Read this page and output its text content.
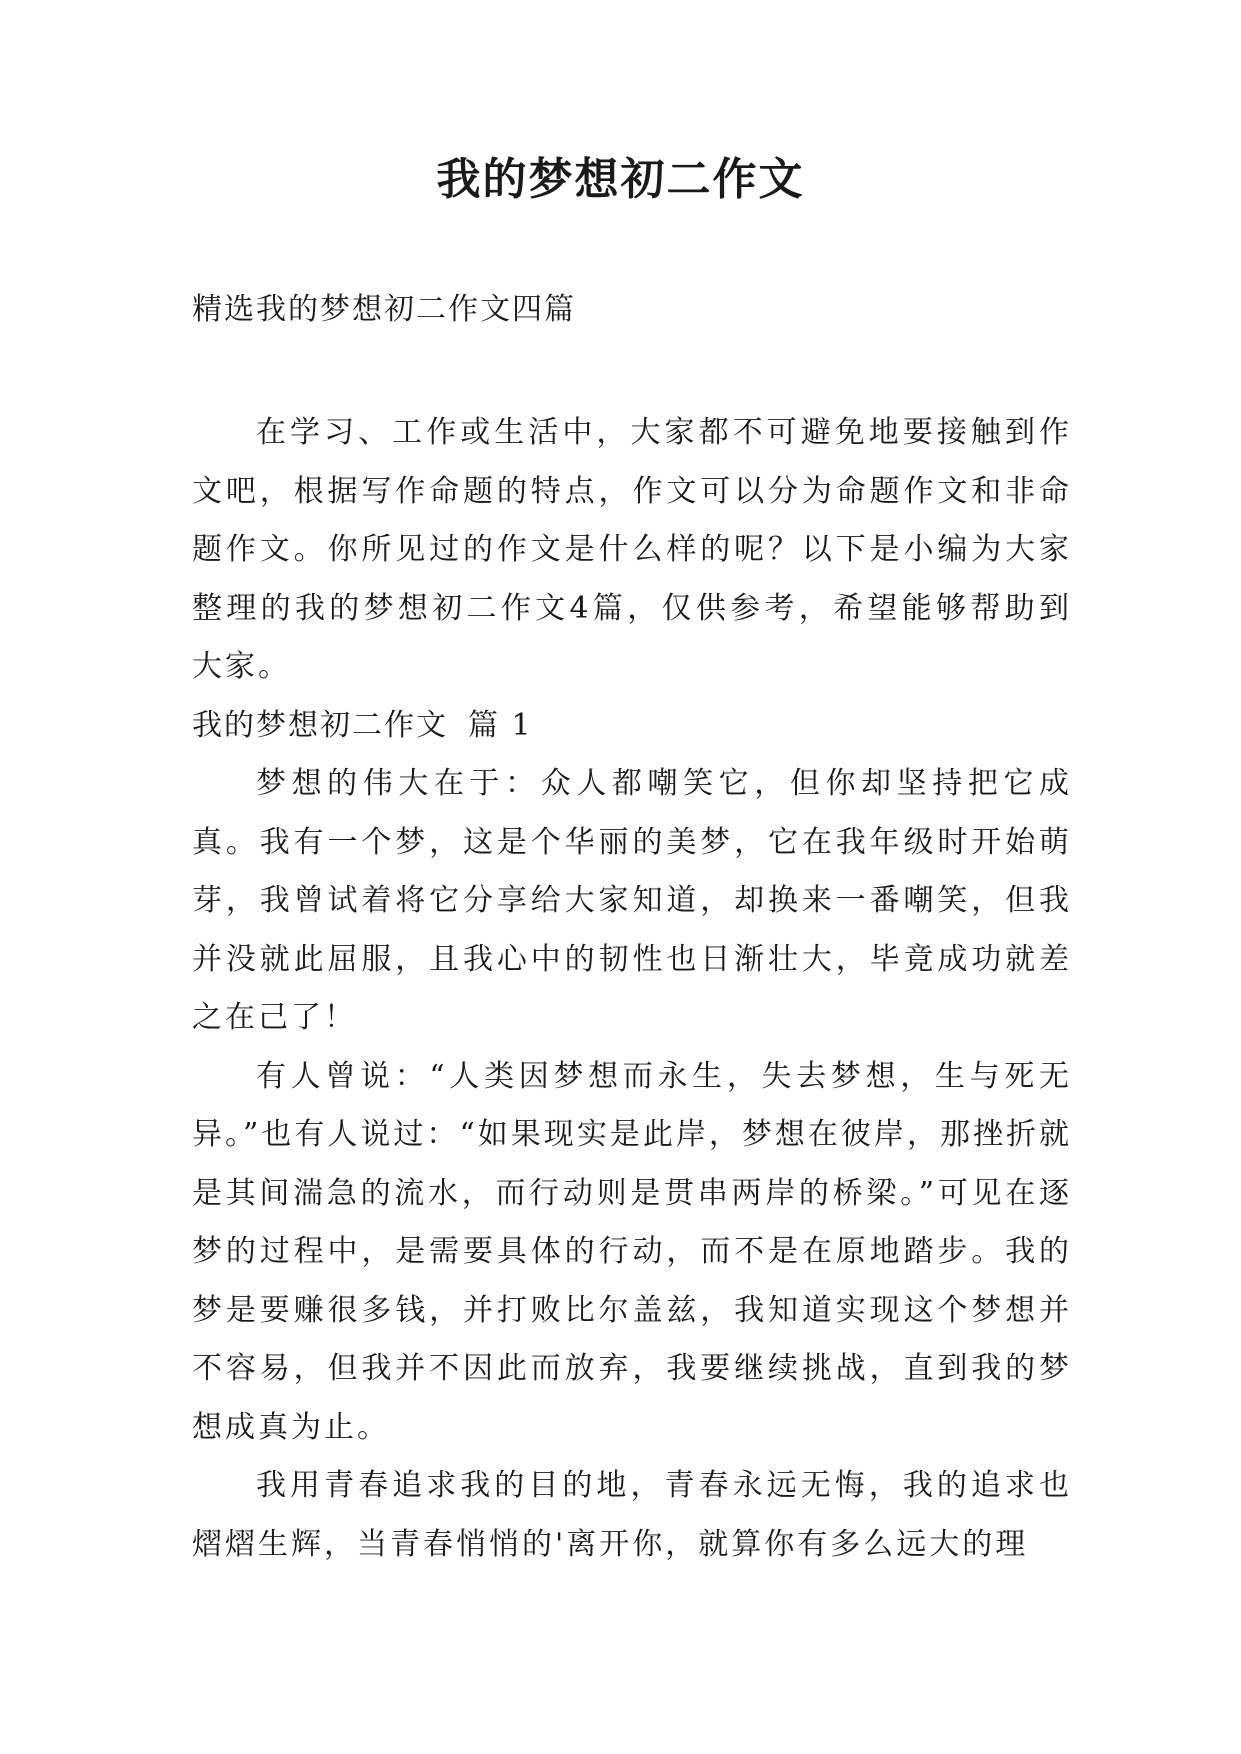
我的梦想初二作文

精选我的梦想初二作文四篇

在学习、工作或生活中，大家都不可避免地要接触到作文吧，根据写作命题的特点，作文可以分为命题作文和非命题作文。你所见过的作文是什么样的呢？以下是小编为大家整理的我的梦想初二作文4篇，仅供参考，希望能够帮助到大家。

我的梦想初二作文 篇 1

梦想的伟大在于：众人都嘲笑它，但你却坚持把它成真。我有一个梦，这是个华丽的美梦，它在我年级时开始萌芽，我曾试着将它分享给大家知道，却换来一番嘲笑，但我并没就此屈服，且我心中的韧性也日渐壮大，毕竟成功就差之在己了！

有人曾说：“人类因梦想而永生，失去梦想，生与死无异。”也有人说过：“如果现实是此岸，梦想在彼岸，那挫折就是其间湍急的流水，而行动则是贯串两岸的桥梁。”可见在逐梦的过程中，是需要具体的行动，而不是在原地踏步。我的梦是要赚很多钱，并打败比尔盖兹，我知道实现这个梦想并不容易，但我并不因此而放弃，我要继续挑战，直到我的梦想成真为止。

我用青春追求我的目的地，青春永远无悔，我的追求也熠熠生辉，当青春悄悄的'离开你，就算你有多么远大的理
